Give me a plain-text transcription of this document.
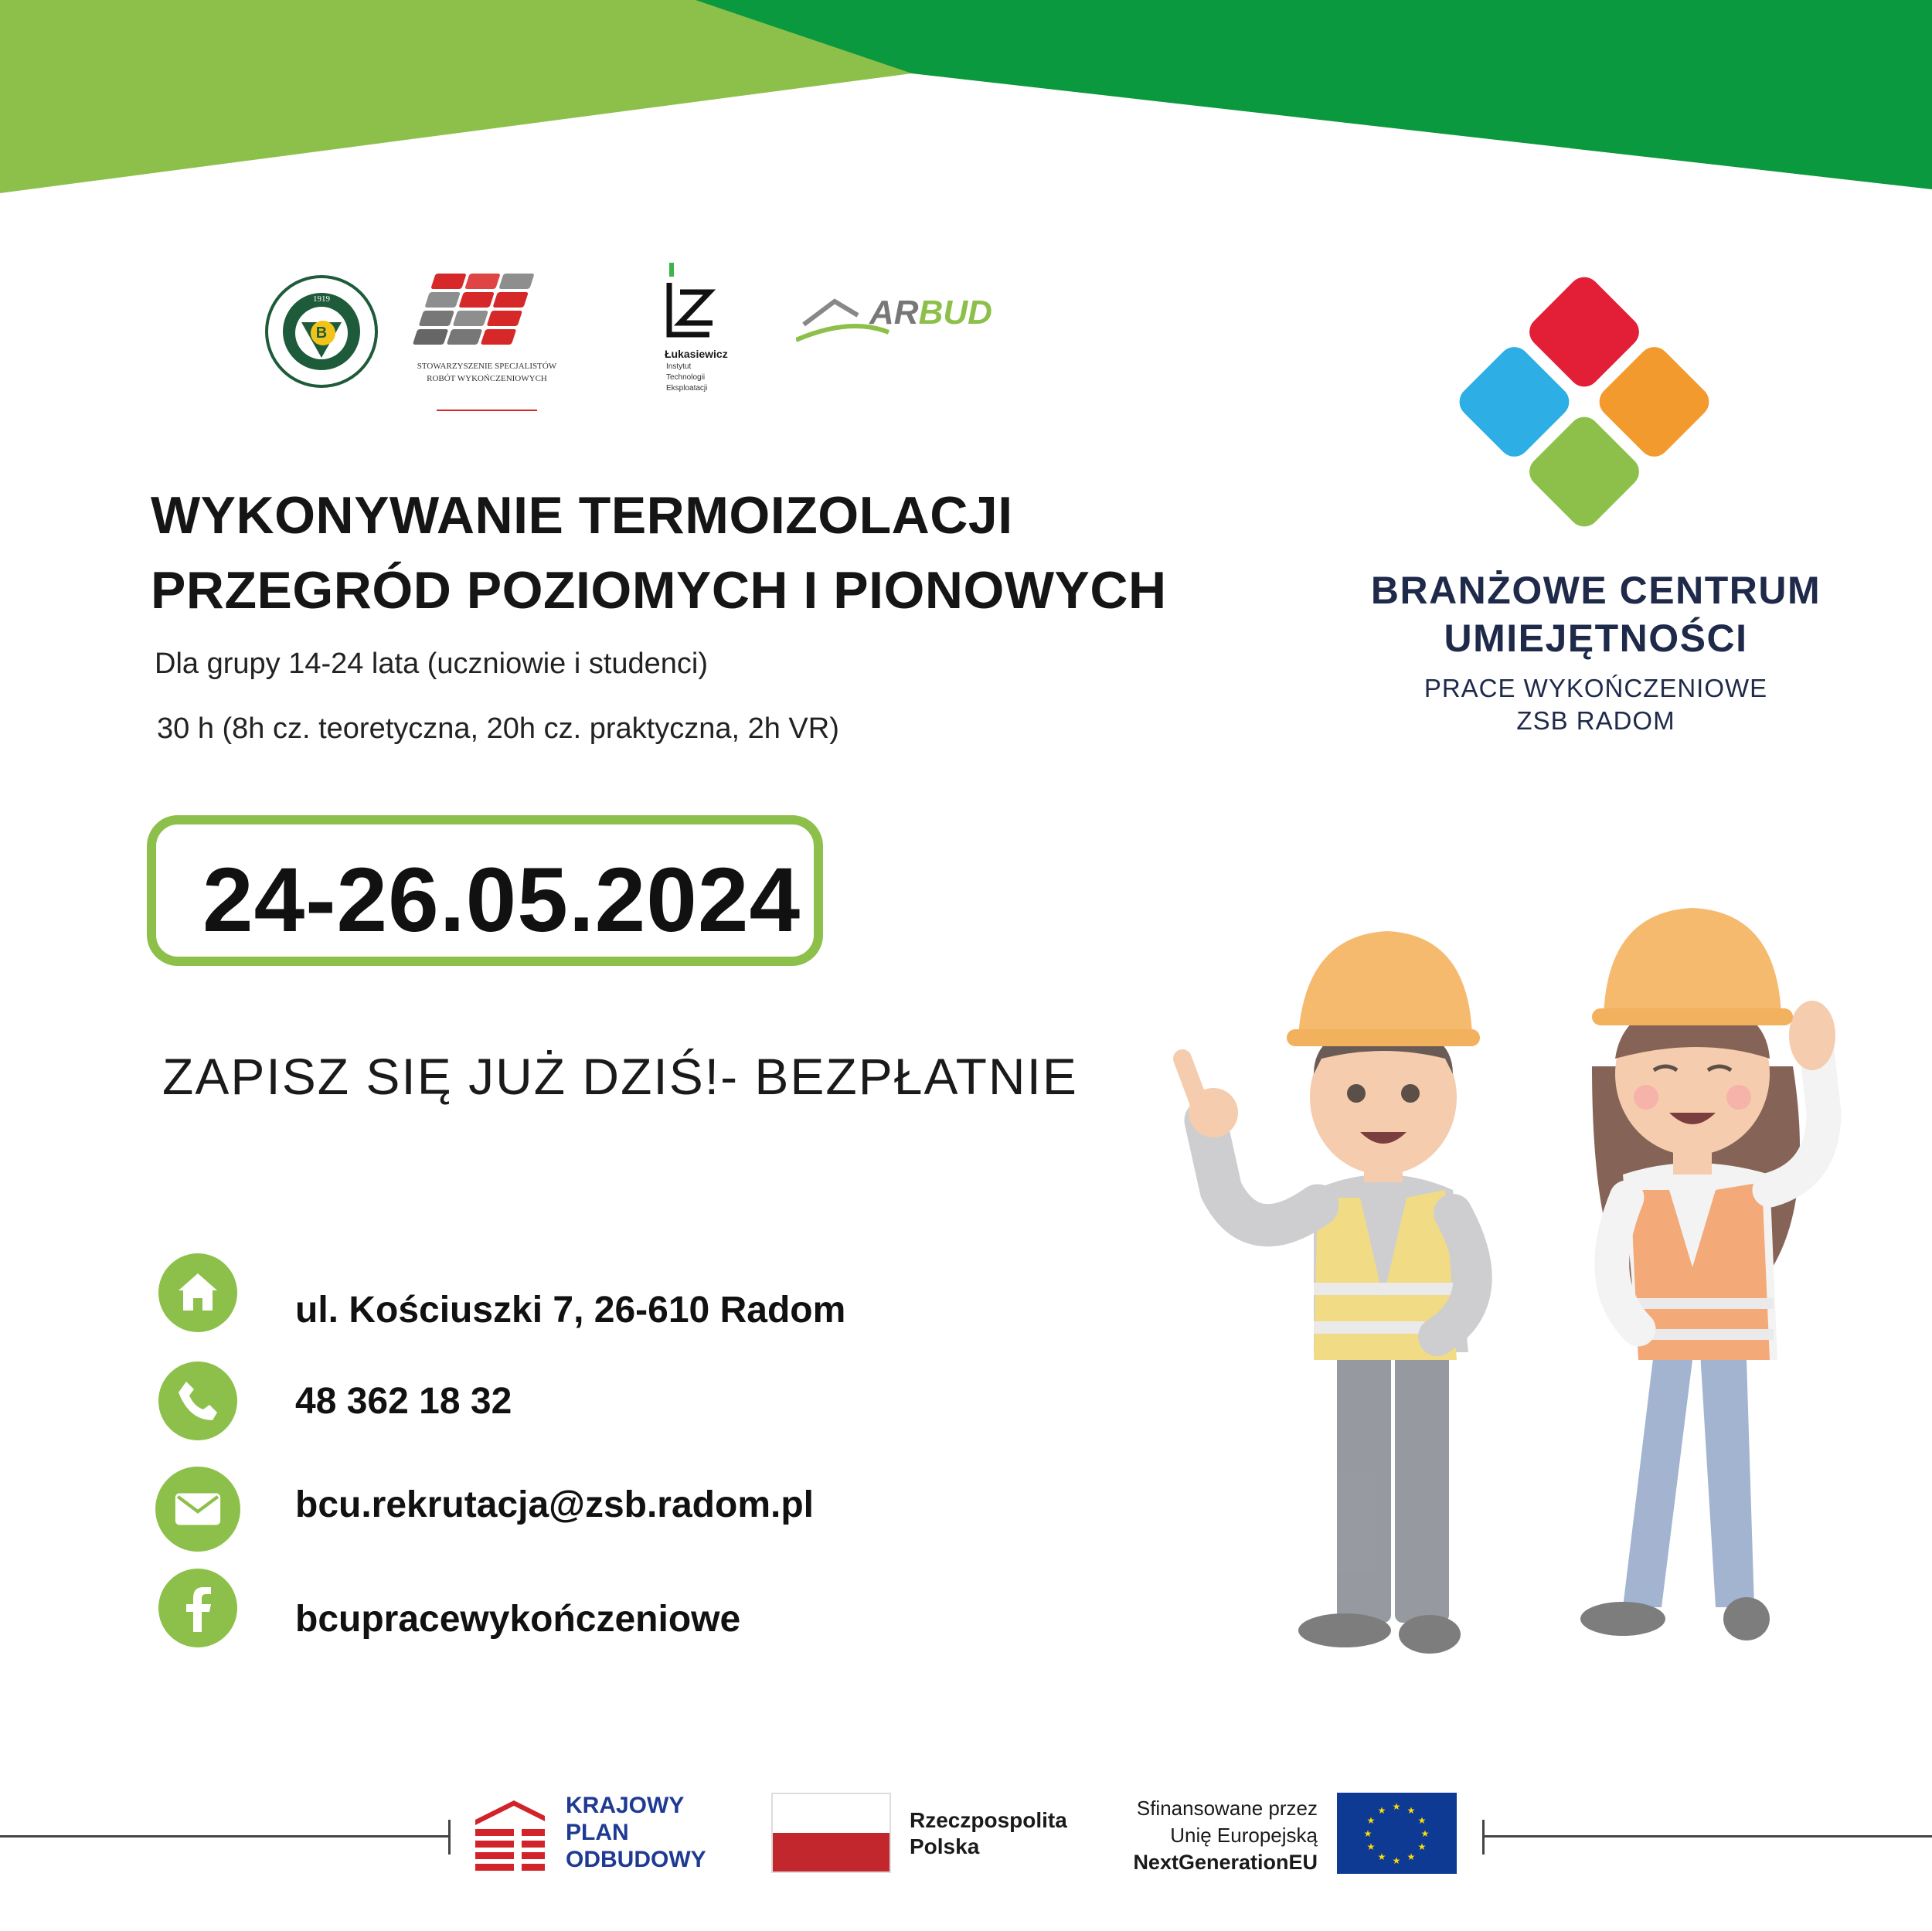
B
1919
STOWARZYSZENIE SPECJALISTÓW
ROBÓT WYKOŃCZENIOWYCH
Łukasiewicz
Instytut
Technologii
Eksploatacji
ARBUD
WYKONYWANIE TERMOIZOLACJI
PRZEGRÓD POZIOMYCH I PIONOWYCH
Dla grupy 14-24 lata (uczniowie i studenci)
30 h (8h cz. teoretyczna, 20h cz. praktyczna, 2h VR)
24-26.05.2024
ZAPISZ SIĘ JUŻ DZIŚ!- BEZPŁATNIE
ul. Kościuszki 7, 26-610 Radom
48 362 18 32
bcu.rekrutacja@zsb.radom.pl
bcupracewykończeniowe
BRANŻOWE CENTRUM
UMIEJĘTNOŚCI
PRACE WYKOŃCZENIOWE
ZSB RADOM
KRAJOWY
PLAN
ODBUDOWY
Rzeczpospolita
Polska
Sfinansowane przez
Unię Europejską
NextGenerationEU
★ ★
★
★
★
★
★
★
★
★
★
★
